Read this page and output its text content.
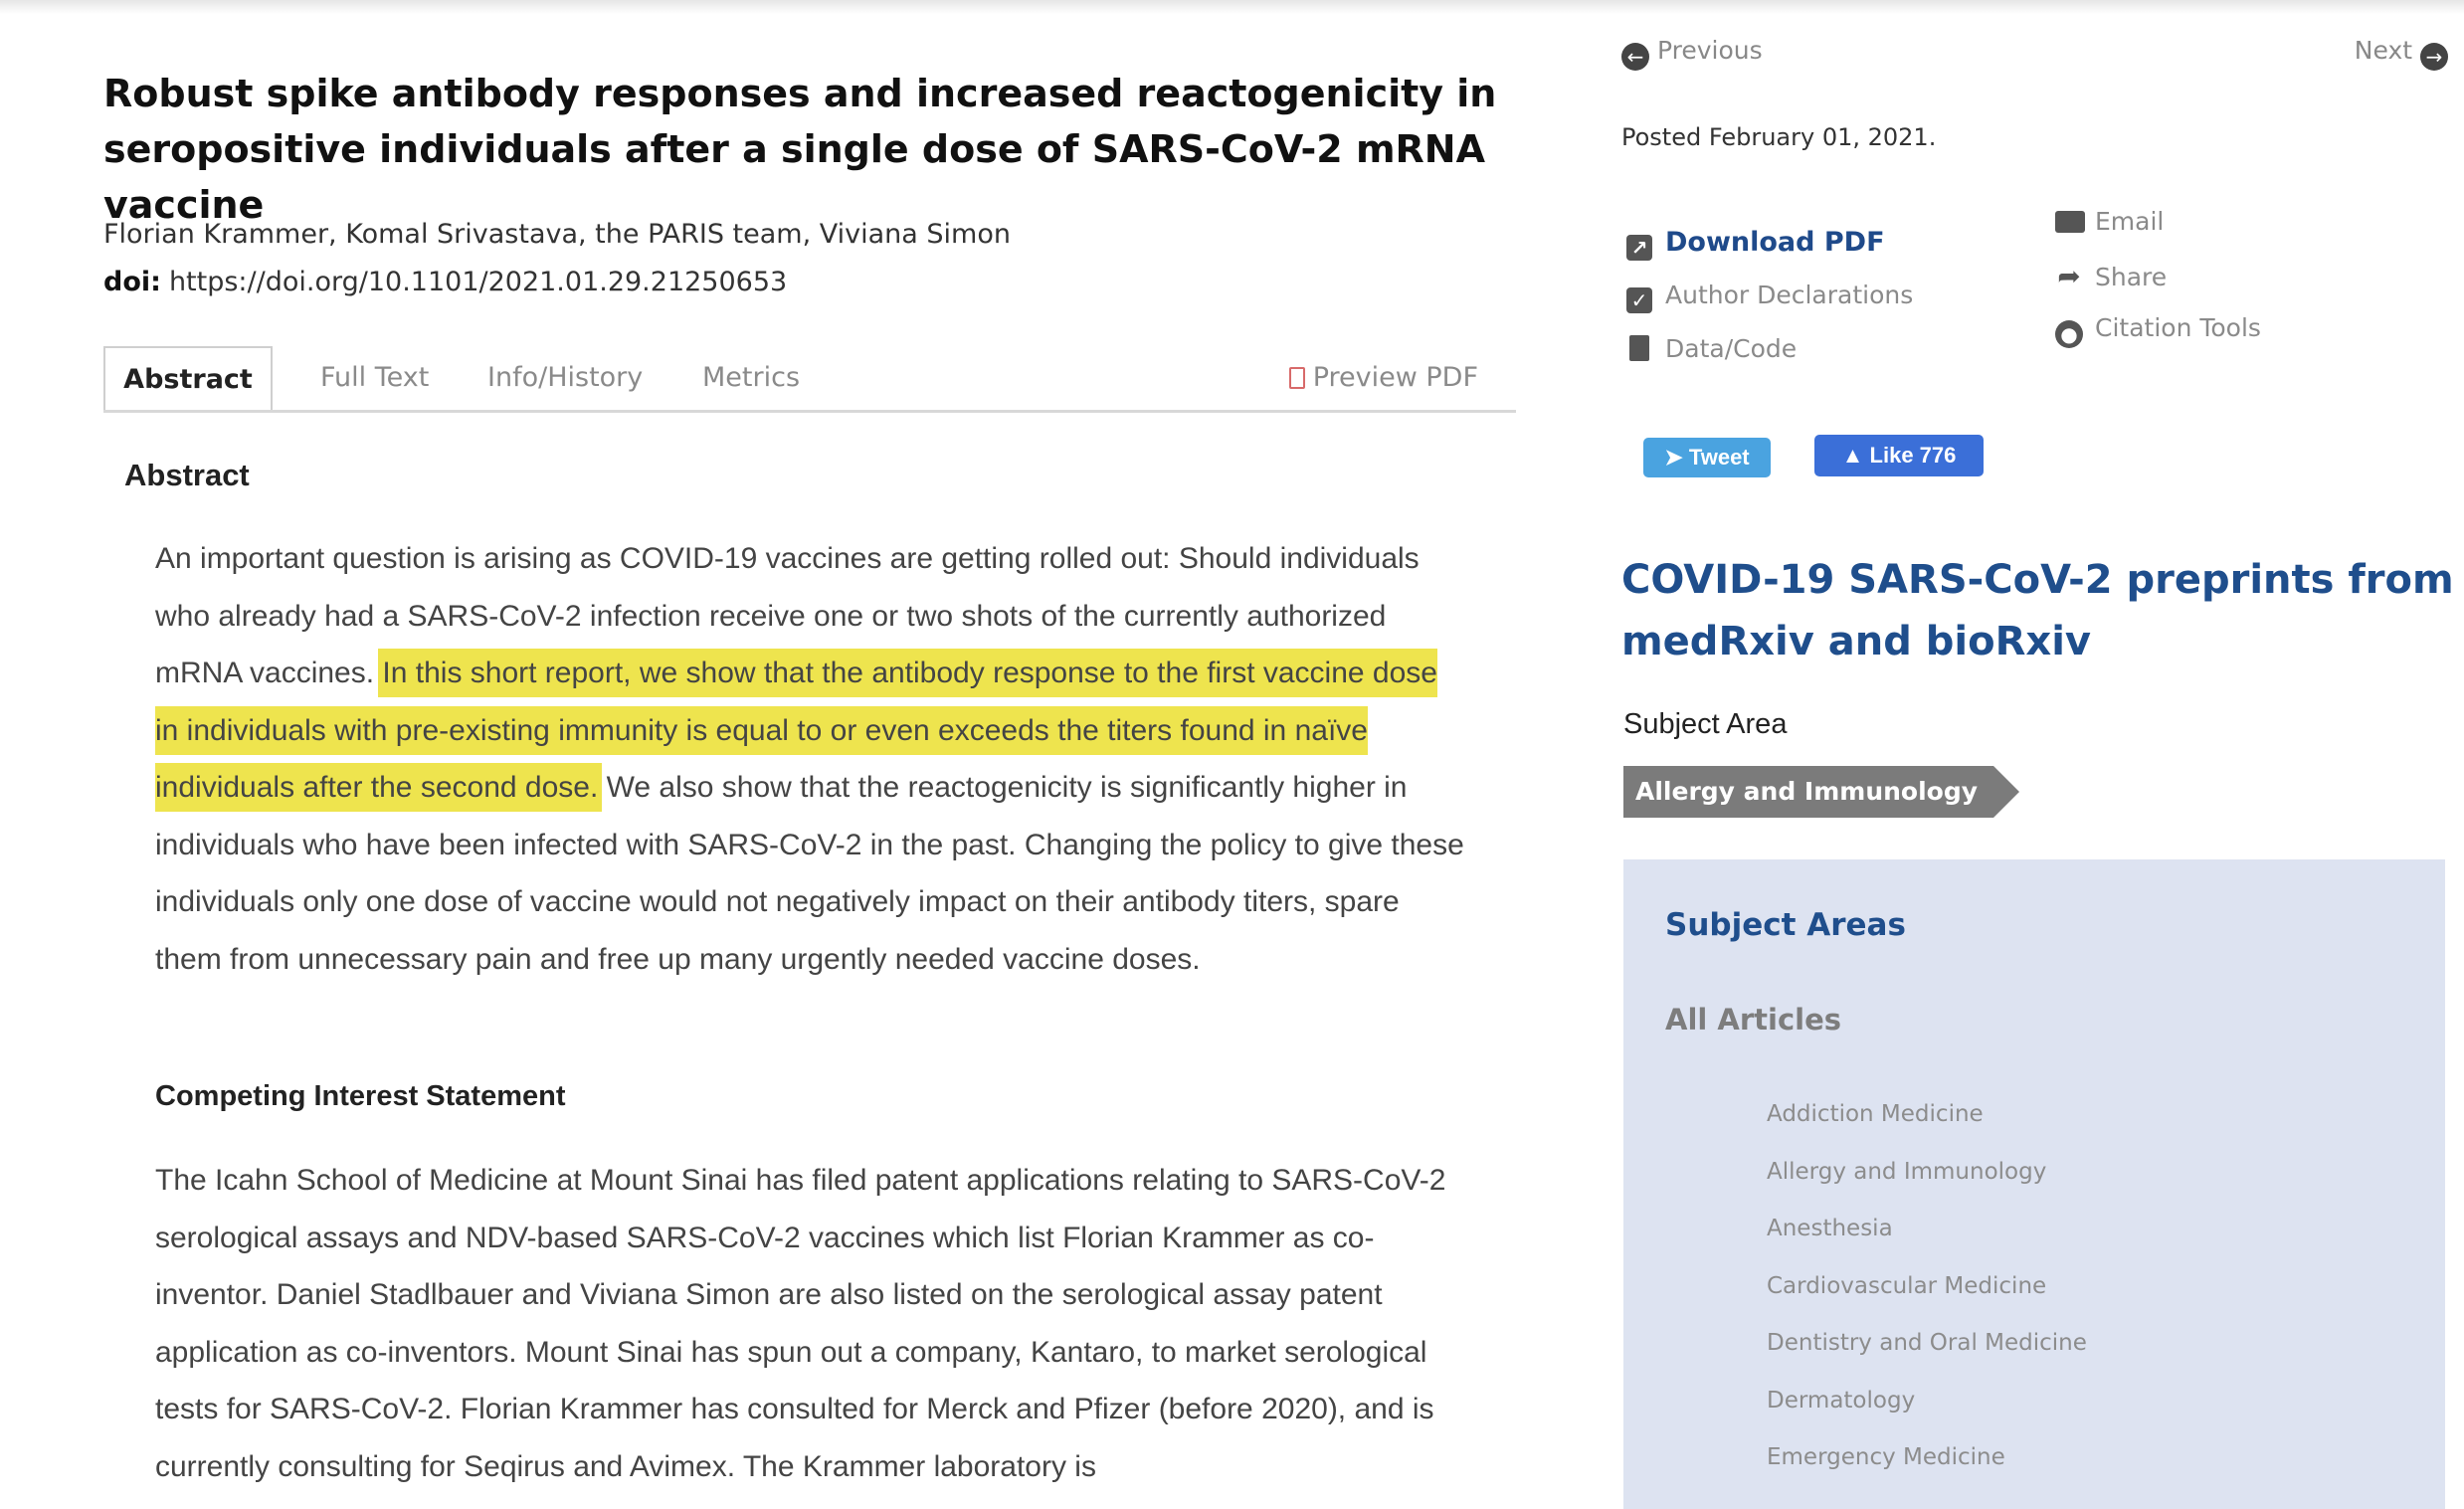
Robust spike antibody responses and increased reactogenicity in seropositive individuals after a single dose of SARS-CoV-2 mRNA vaccine
Florian Krammer, Komal Srivastava, the PARIS team, Viviana Simon
doi: https://doi.org/10.1101/2021.01.29.21250653
Abstract	Full Text Info/History Metrics	Preview PDF
Abstract
An important question is arising as COVID-19 vaccines are getting rolled out: Should individuals who already had a SARS-CoV-2 infection receive one or two shots of the currently authorized mRNA vaccines. In this short report, we show that the antibody response to the first vaccine dose in individuals with pre-existing immunity is equal to or even exceeds the titers found in naïve individuals after the second dose. We also show that the reactogenicity is significantly higher in individuals who have been infected with SARS-CoV-2 in the past. Changing the policy to give these individuals only one dose of vaccine would not negatively impact on their antibody titers, spare them from unnecessary pain and free up many urgently needed vaccine doses.
Competing Interest Statement
The Icahn School of Medicine at Mount Sinai has filed patent applications relating to SARS-CoV-2 serological assays and NDV-based SARS-CoV-2 vaccines which list Florian Krammer as co-inventor. Daniel Stadlbauer and Viviana Simon are also listed on the serological assay patent application as co-inventors. Mount Sinai has spun out a company, Kantaro, to market serological tests for SARS-CoV-2. Florian Krammer has consulted for Merck and Pfizer (before 2020), and is currently consulting for Seqirus and Avimex. The Krammer laboratory is
← Previous	Next →
Posted February 01, 2021.
↗ Download PDF
✓ Author Declarations
Data/Code
Email
➦ Share
● Citation Tools
➤ Tweet	▲ Like 776
COVID-19 SARS-CoV-2 preprints from medRxiv and bioRxiv
Subject Area
Allergy and Immunology
Subject Areas
All Articles
Addiction Medicine
Allergy and Immunology
Anesthesia
Cardiovascular Medicine
Dentistry and Oral Medicine
Dermatology
Emergency Medicine
